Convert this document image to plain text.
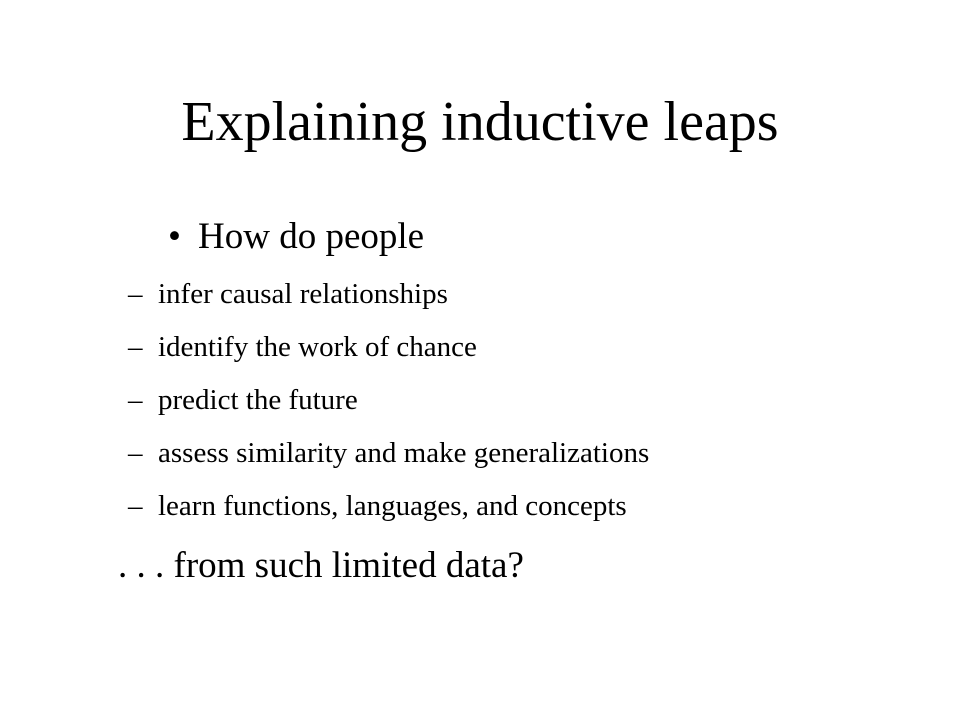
Explaining inductive leaps
• How do people
– infer causal relationships
– identify the work of chance
– predict the future
– assess similarity and make generalizations
– learn functions, languages, and concepts
. . . from such limited data?
